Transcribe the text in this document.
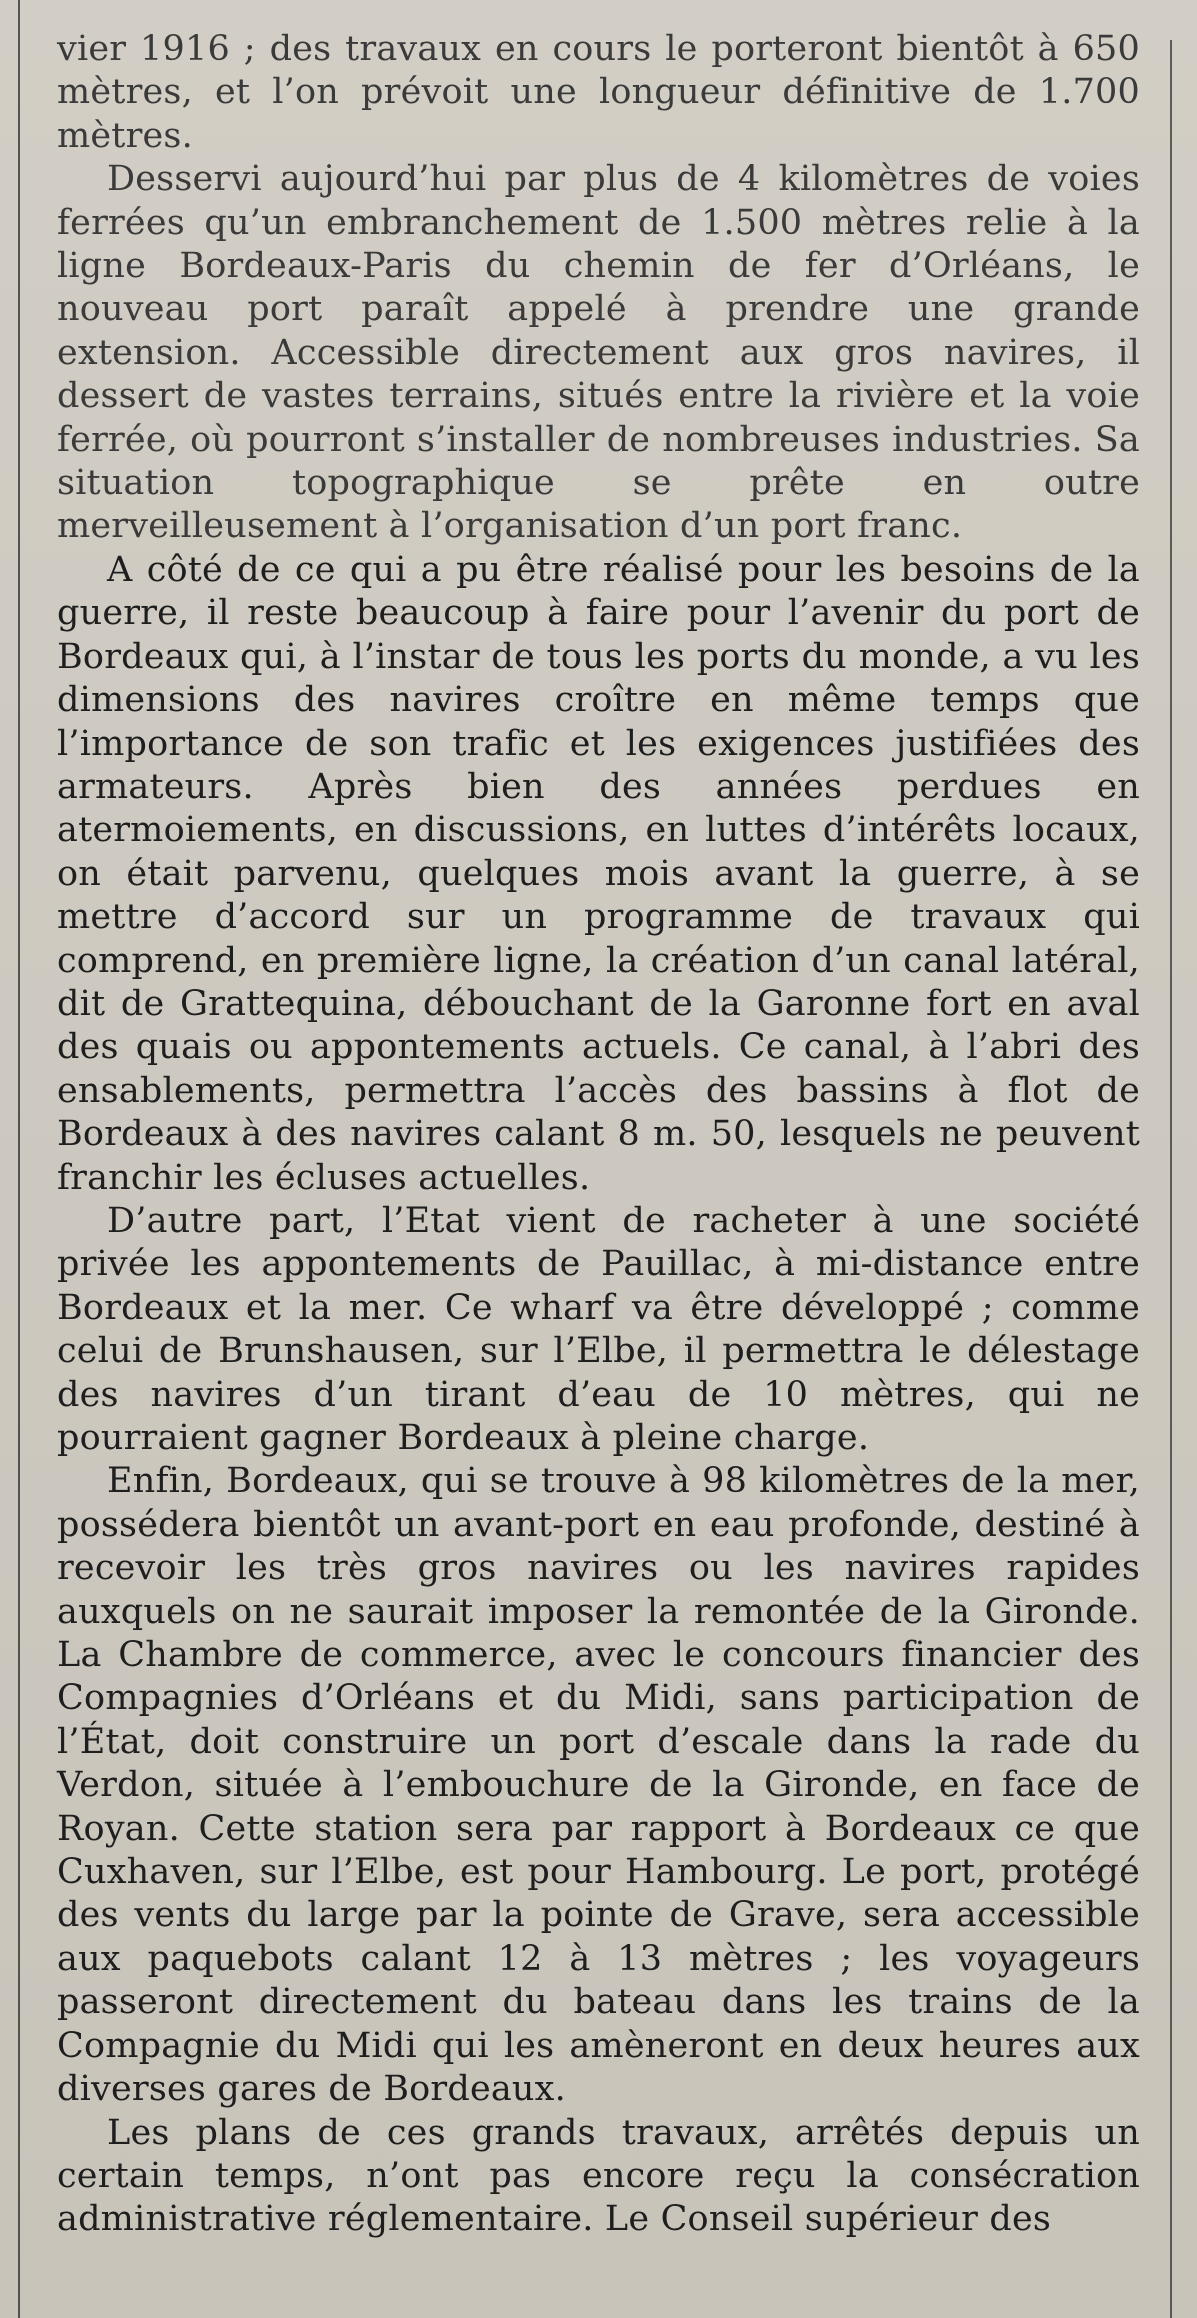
vier 1916 ; des travaux en cours le porteront bientôt à 650 mètres, et l’on prévoit une longueur définitive de 1.700 mètres.

Desservi aujourd’hui par plus de 4 kilomètres de voies ferrées qu’un embranchement de 1.500 mètres relie à la ligne Bordeaux-Paris du chemin de fer d’Orléans, le nouveau port paraît appelé à prendre une grande extension. Accessible directement aux gros navires, il dessert de vastes terrains, situés entre la rivière et la voie ferrée, où pourront s’installer de nombreuses industries. Sa situation topographique se prête en outre merveilleusement à l’organisation d’un port franc.

A côté de ce qui a pu être réalisé pour les besoins de la guerre, il reste beaucoup à faire pour l’avenir du port de Bordeaux qui, à l’instar de tous les ports du monde, a vu les dimensions des navires croître en même temps que l’importance de son trafic et les exigences justifiées des armateurs. Après bien des années perdues en atermoiements, en discussions, en luttes d’intérêts locaux, on était parvenu, quelques mois avant la guerre, à se mettre d’accord sur un programme de travaux qui comprend, en première ligne, la création d’un canal latéral, dit de Grattequina, débouchant de la Garonne fort en aval des quais ou appontements actuels. Ce canal, à l’abri des ensablements, permettra l’accès des bassins à flot de Bordeaux à des navires calant 8 m. 50, lesquels ne peuvent franchir les écluses actuelles.

D’autre part, l’Etat vient de racheter à une société privée les appontements de Pauillac, à mi-distance entre Bordeaux et la mer. Ce wharf va être développé ; comme celui de Brunshausen, sur l’Elbe, il permettra le délestage des navires d’un tirant d’eau de 10 mètres, qui ne pourraient gagner Bordeaux à pleine charge.

Enfin, Bordeaux, qui se trouve à 98 kilomètres de la mer, possédera bientôt un avant-port en eau profonde, destiné à recevoir les très gros navires ou les navires rapides auxquels on ne saurait imposer la remontée de la Gironde. La Chambre de commerce, avec le concours financier des Compagnies d’Orléans et du Midi, sans participation de l’État, doit construire un port d’escale dans la rade du Verdon, située à l’embouchure de la Gironde, en face de Royan. Cette station sera par rapport à Bordeaux ce que Cuxhaven, sur l’Elbe, est pour Hambourg. Le port, protégé des vents du large par la pointe de Grave, sera accessible aux paquebots calant 12 à 13 mètres ; les voyageurs passeront directement du bateau dans les trains de la Compagnie du Midi qui les amèneront en deux heures aux diverses gares de Bordeaux.

Les plans de ces grands travaux, arrêtés depuis un certain temps, n’ont pas encore reçu la consécration administrative réglementaire. Le Conseil supérieur des
